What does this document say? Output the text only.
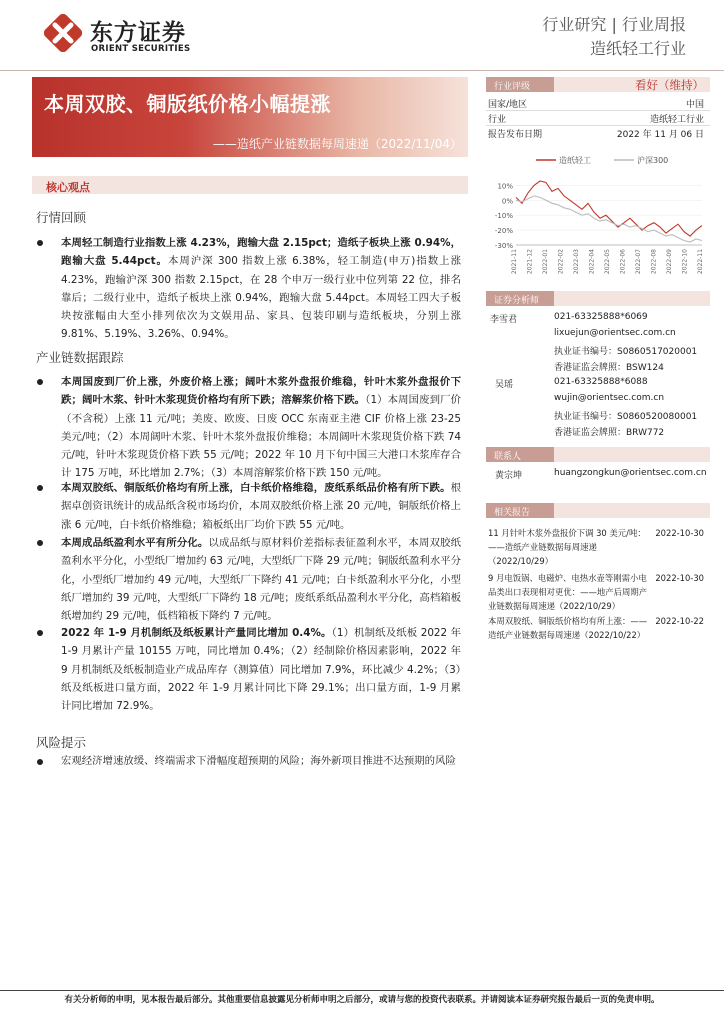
东方证券
ORIENT SECURITIES
行业研究 | 行业周报
造纸轻工行业
本周双胶、铜版纸价格小幅提涨
——造纸产业链数据每周速递（2022/11/04）
核心观点
行情回顾
本周轻工制造行业指数上涨 4.23%，跑输大盘 2.15pct；造纸子板块上涨 0.94%，跑输大盘 5.44pct。本周沪深 300 指数上涨 6.38%，轻工制造(申万)指数上涨 4.23%，跑输沪深 300 指数 2.15pct，在 28 个申万一级行业中位列第 22 位，排名靠后；二级行业中，造纸子板块上涨 0.94%，跑输大盘 5.44pct。本周轻工四大子板块按涨幅由大至小排列依次为文娱用品、家具、包装印刷与造纸板块，分别上涨 9.81%、5.19%、3.26%、0.94%。
产业链数据跟踪
本周国废到厂价上涨，外废价格上涨；阔叶木浆外盘报价维稳，针叶木浆外盘报价下跌；阔叶木浆、针叶木浆现货价格均有所下跌；溶解浆价格下跌。（1）本周国废到厂价（不含税）上涨 11 元/吨；美废、欧废、日废 OCC 东南亚主港 CIF 价格上涨 23-25 美元/吨；（2）本周阔叶木浆、针叶木浆外盘报价维稳；本周阔叶木浆现货价格下跌 74 元/吨，针叶木浆现货价格下跌 55 元/吨；2022 年 10 月下旬中国三大港口木浆库存合计 175 万吨，环比增加 2.7%；（3）本周溶解浆价格下跌 150 元/吨。
本周双胶纸、铜版纸价格均有所上涨，白卡纸价格维稳，废纸系纸品价格有所下跌。根据卓创资讯统计的成品纸含税市场均价，本周双胶纸价格上涨 20 元/吨，铜版纸价格上涨 6 元/吨，白卡纸价格维稳；箱板纸出厂均价下跌 55 元/吨。
本周成品纸盈利水平有所分化。以成品纸与原材料价差指标表征盈利水平，本周双胶纸盈利水平分化，小型纸厂增加约 63 元/吨，大型纸厂下降 29 元/吨；铜版纸盈利水平分化，小型纸厂增加约 49 元/吨，大型纸厂下降约 41 元/吨；白卡纸盈利水平分化，小型纸厂增加约 39 元/吨，大型纸厂下降约 18 元/吨；废纸系纸品盈利水平分化，高档箱板纸增加约 29 元/吨，低档箱板下降约 7 元/吨。
2022 年 1-9 月机制纸及纸板累计产量同比增加 0.4%。（1）机制纸及纸板 2022 年 1-9 月累计产量 10155 万吨，同比增加 0.4%；（2）经制除价格因素影响，2022 年 9 月机制纸及纸板制造业产成品库存（测算值）同比增加 7.9%，环比减少 4.2%；（3）纸及纸板进口量方面，2022 年 1-9 月累计同比下降 29.1%；出口量方面，1-9 月累计同比增加 72.9%。
风险提示
宏观经济增速放缓、终端需求下滑幅度超预期的风险；海外新项目推进不达预期的风险
行业评级	看好（维持）
国家/地区	中国
行业	造纸轻工行业
报告发布日期	2022 年 11 月 06 日
造纸轻工	沪深300
10%
0%
-10%
-20%
-30%
2021-11 2021-12 2022-01 2022-02 2022-03 2022-04 2022-05 2022-06 2022-07 2022-08 2022-09 2022-10 2022-11
证券分析师
李雪君	021-63325888*6069
lixuejun@orientsec.com.cn
执业证书编号：S0860517020001
香港证监会牌照：BSW124
吴瑶	021-63325888*6088
wujin@orientsec.com.cn
执业证书编号：S0860520080001
香港证监会牌照：BRW772
联系人
黄宗坤	huangzongkun@orientsec.com.cn
相关报告
11 月针叶木浆外盘报价下调 30 美元/吨：——造纸产业链数据每周速递（2022/10/29）
2022-10-30
9 月电饭锅、电磁炉、电热水壶等刚需小电品类出口表现相对更优：——地产后周期产业链数据每周速递（2022/10/29）
2022-10-30
本周双胶纸、铜版纸价格均有所上涨：——造纸产业链数据每周速递（2022/10/22）
2022-10-22
有关分析师的申明，见本报告最后部分。其他重要信息披露见分析师申明之后部分，或请与您的投资代表联系。并请阅读本证券研究报告最后一页的免责申明。
